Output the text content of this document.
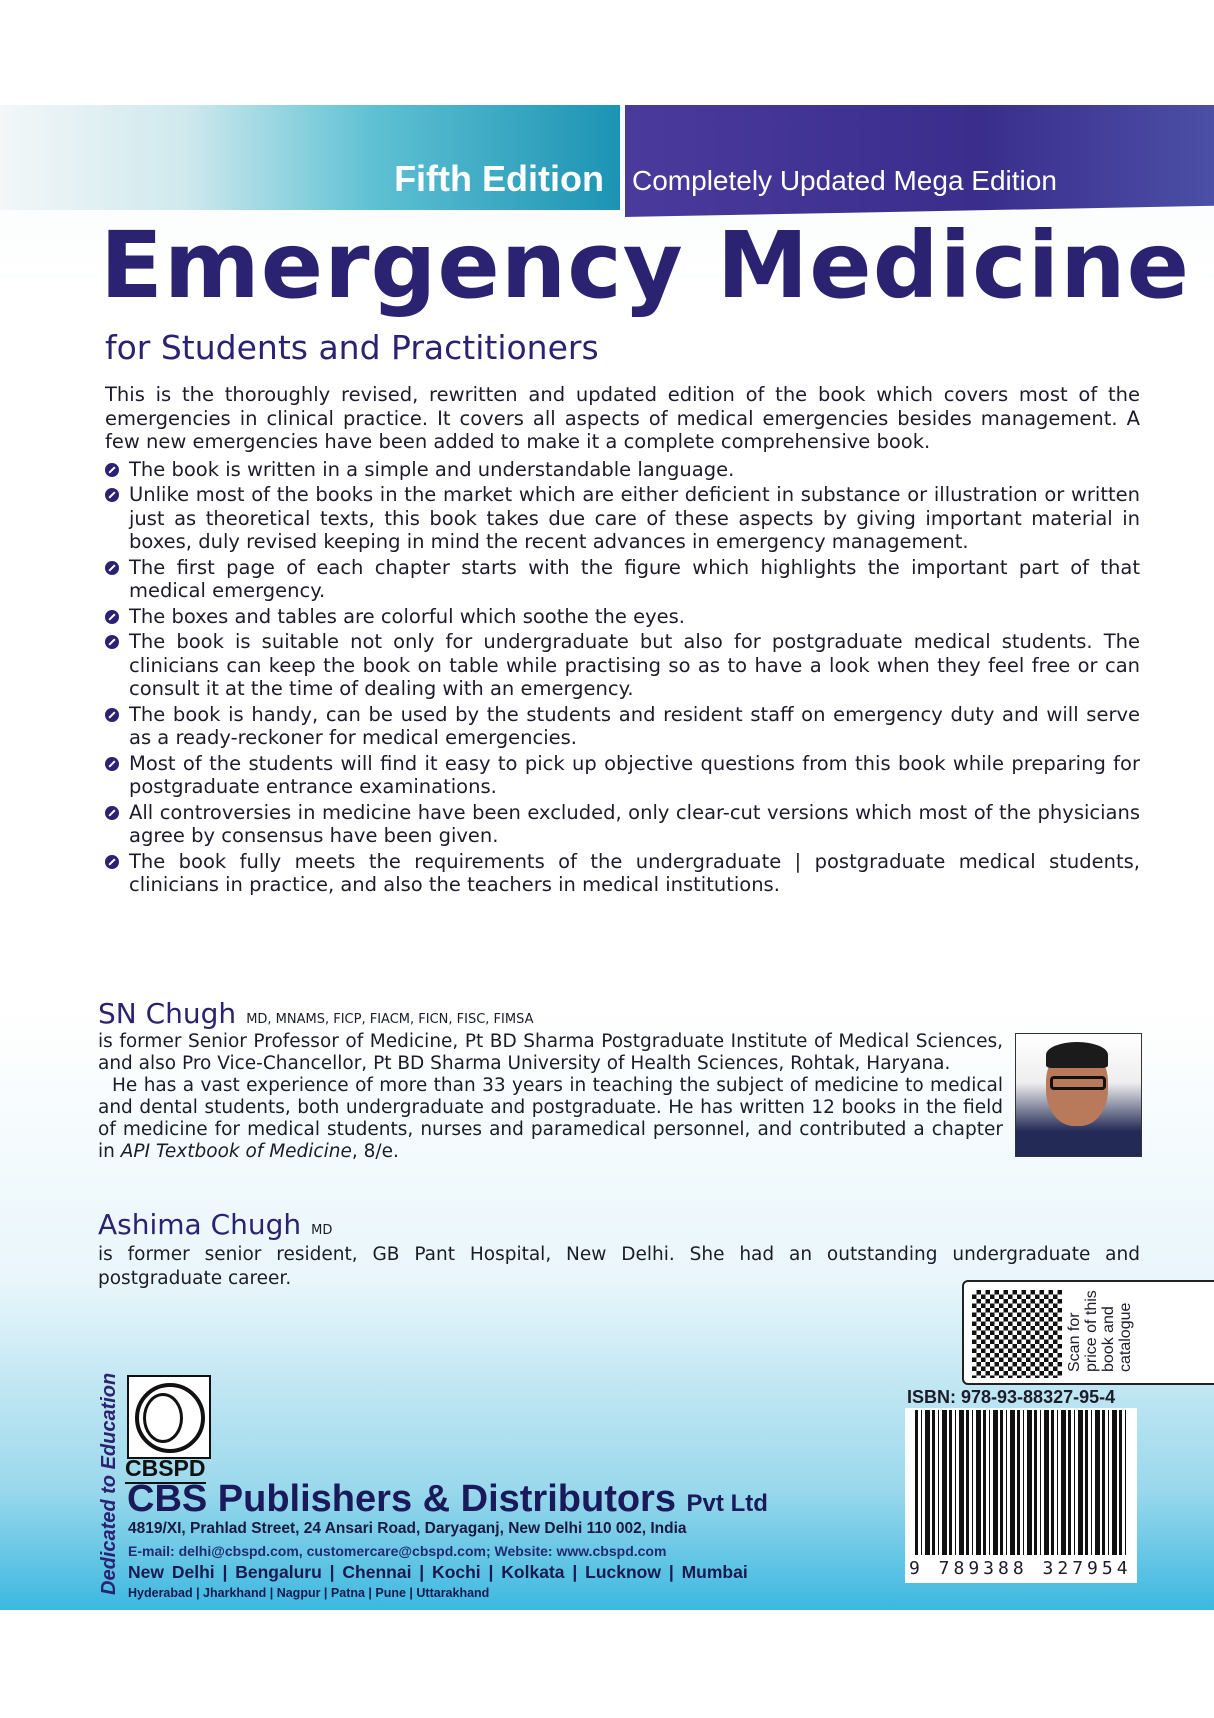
Fifth Edition Completely Updated Mega Edition
Emergency Medicine
for Students and Practitioners

This is the thoroughly revised, rewritten and updated edition of the book which covers most of the emergencies in clinical practice. It covers all aspects of medical emergencies besides management. A few new emergencies have been added to make it a complete comprehensive book.

The book is written in a simple and understandable language.
Unlike most of the books in the market which are either deficient in substance or illustration or written just as theoretical texts, this book takes due care of these aspects by giving important material in boxes, duly revised keeping in mind the recent advances in emergency management.
The first page of each chapter starts with the figure which highlights the important part of that medical emergency.
The boxes and tables are colorful which soothe the eyes.
The book is suitable not only for undergraduate but also for postgraduate medical students. The clinicians can keep the book on table while practising so as to have a look when they feel free or can consult it at the time of dealing with an emergency.
The book is handy, can be used by the students and resident staff on emergency duty and will serve as a ready-reckoner for medical emergencies.
Most of the students will find it easy to pick up objective questions from this book while preparing for postgraduate entrance examinations.
All controversies in medicine have been excluded, only clear-cut versions which most of the physicians agree by consensus have been given.
The book fully meets the requirements of the undergraduate | postgraduate medical students, clinicians in practice, and also the teachers in medical institutions.
SN Chugh MD, MNAMS, FICP, FIACM, FICN, FISC, FIMSA

is former Senior Professor of Medicine, Pt BD Sharma Postgraduate Institute of Medical Sciences, and also Pro Vice-Chancellor, Pt BD Sharma University of Health Sciences, Rohtak, Haryana.

He has a vast experience of more than 33 years in teaching the subject of medicine to medical and dental students, both undergraduate and postgraduate. He has written 12 books in the field of medicine for medical students, nurses and paramedical personnel, and contributed a chapter in API Textbook of Medicine, 8/e.

Ashima Chugh MD

is former senior resident, GB Pant Hospital, New Delhi. She had an outstanding undergraduate and postgraduate career.

Scan for price of this book and catalogue
ISBN: 978-93-88327-95-4
9 789388 327954
Dedicated to Education CBSPD
CBS Publishers & Distributors Pvt Ltd
4819/XI, Prahlad Street, 24 Ansari Road, Daryaganj, New Delhi 110 002, India
E-mail: delhi@cbspd.com, customercare@cbspd.com; Website: www.cbspd.com
New Delhi | Bengaluru | Chennai | Kochi | Kolkata | Lucknow | Mumbai
Hyderabad | Jharkhand | Nagpur | Patna | Pune | Uttarakhand
